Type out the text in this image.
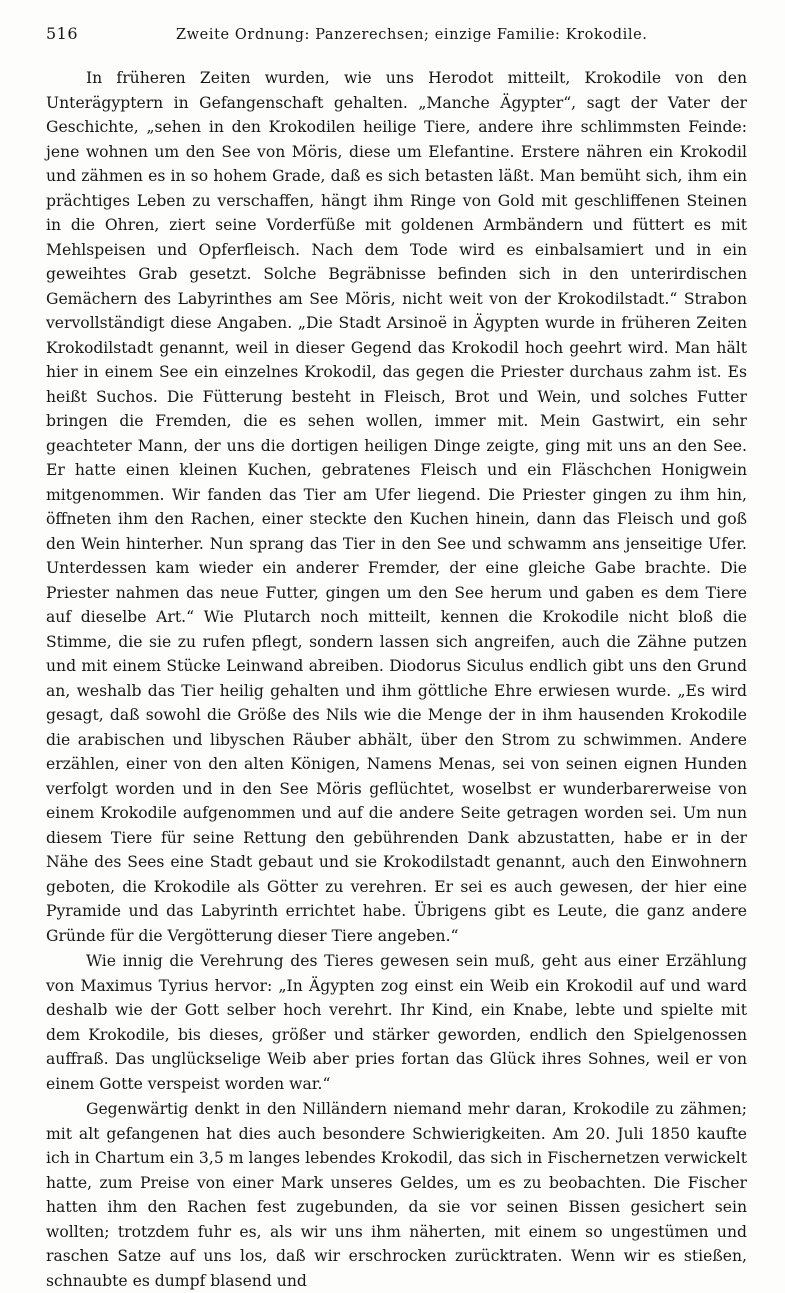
516	Zweite Ordnung: Panzerechsen; einzige Familie: Krokodile.

In früheren Zeiten wurden, wie uns Herodot mitteilt, Krokodile von den Unterägyptern in Gefangenschaft gehalten. „Manche Ägypter“, sagt der Vater der Geschichte, „sehen in den Krokodilen heilige Tiere, andere ihre schlimmsten Feinde: jene wohnen um den See von Möris, diese um Elefantine. Erstere nähren ein Krokodil und zähmen es in so hohem Grade, daß es sich betasten läßt. Man bemüht sich, ihm ein prächtiges Leben zu verschaffen, hängt ihm Ringe von Gold mit geschliffenen Steinen in die Ohren, ziert seine Vorderfüße mit goldenen Armbändern und füttert es mit Mehlspeisen und Opferfleisch. Nach dem Tode wird es einbalsamiert und in ein geweihtes Grab gesetzt. Solche Begräbnisse befinden sich in den unterirdischen Gemächern des Labyrinthes am See Möris, nicht weit von der Krokodilstadt.“ Strabon vervollständigt diese Angaben. „Die Stadt Arsinoë in Ägypten wurde in früheren Zeiten Krokodilstadt genannt, weil in dieser Gegend das Krokodil hoch geehrt wird. Man hält hier in einem See ein einzelnes Krokodil, das gegen die Priester durchaus zahm ist. Es heißt Suchos. Die Fütterung besteht in Fleisch, Brot und Wein, und solches Futter bringen die Fremden, die es sehen wollen, immer mit. Mein Gastwirt, ein sehr geachteter Mann, der uns die dortigen heiligen Dinge zeigte, ging mit uns an den See. Er hatte einen kleinen Kuchen, gebratenes Fleisch und ein Fläschchen Honigwein mitgenommen. Wir fanden das Tier am Ufer liegend. Die Priester gingen zu ihm hin, öffneten ihm den Rachen, einer steckte den Kuchen hinein, dann das Fleisch und goß den Wein hinterher. Nun sprang das Tier in den See und schwamm ans jenseitige Ufer. Unterdessen kam wieder ein anderer Fremder, der eine gleiche Gabe brachte. Die Priester nahmen das neue Futter, gingen um den See herum und gaben es dem Tiere auf dieselbe Art.“ Wie Plutarch noch mitteilt, kennen die Krokodile nicht bloß die Stimme, die sie zu rufen pflegt, sondern lassen sich angreifen, auch die Zähne putzen und mit einem Stücke Leinwand abreiben. Diodorus Siculus endlich gibt uns den Grund an, weshalb das Tier heilig gehalten und ihm göttliche Ehre erwiesen wurde. „Es wird gesagt, daß sowohl die Größe des Nils wie die Menge der in ihm hausenden Krokodile die arabischen und libyschen Räuber abhält, über den Strom zu schwimmen. Andere erzählen, einer von den alten Königen, Namens Menas, sei von seinen eignen Hunden verfolgt worden und in den See Möris geflüchtet, woselbst er wunderbarerweise von einem Krokodile aufgenommen und auf die andere Seite getragen worden sei. Um nun diesem Tiere für seine Rettung den gebührenden Dank abzustatten, habe er in der Nähe des Sees eine Stadt gebaut und sie Krokodilstadt genannt, auch den Einwohnern geboten, die Krokodile als Götter zu verehren. Er sei es auch gewesen, der hier eine Pyramide und das Labyrinth errichtet habe. Übrigens gibt es Leute, die ganz andere Gründe für die Vergötterung dieser Tiere angeben.“

Wie innig die Verehrung des Tieres gewesen sein muß, geht aus einer Erzählung von Maximus Tyrius hervor: „In Ägypten zog einst ein Weib ein Krokodil auf und ward deshalb wie der Gott selber hoch verehrt. Ihr Kind, ein Knabe, lebte und spielte mit dem Krokodile, bis dieses, größer und stärker geworden, endlich den Spielgenossen auffraß. Das unglückselige Weib aber pries fortan das Glück ihres Sohnes, weil er von einem Gotte verspeist worden war.“

Gegenwärtig denkt in den Nilländern niemand mehr daran, Krokodile zu zähmen; mit alt gefangenen hat dies auch besondere Schwierigkeiten. Am 20. Juli 1850 kaufte ich in Chartum ein 3,5 m langes lebendes Krokodil, das sich in Fischernetzen verwickelt hatte, zum Preise von einer Mark unseres Geldes, um es zu beobachten. Die Fischer hatten ihm den Rachen fest zugebunden, da sie vor seinen Bissen gesichert sein wollten; trotzdem fuhr es, als wir uns ihm näherten, mit einem so ungestümen und raschen Satze auf uns los, daß wir erschrocken zurücktraten. Wenn wir es stießen, schnaubte es dumpf blasend und
